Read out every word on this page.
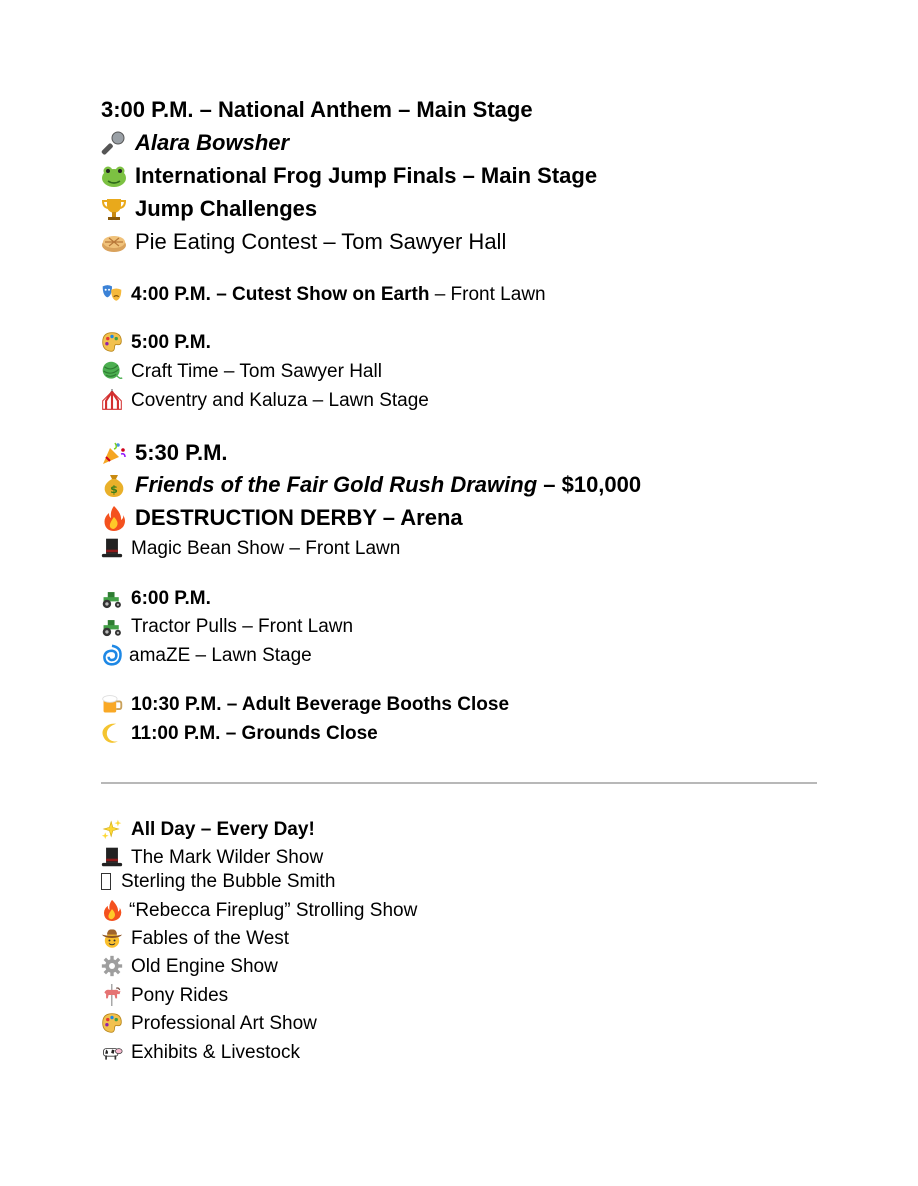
3:00 P.M. – National Anthem – Main Stage
Alara Bowsher
International Frog Jump Finals – Main Stage
Jump Challenges
Pie Eating Contest – Tom Sawyer Hall
4:00 P.M. – Cutest Show on Earth – Front Lawn
5:00 P.M.
Craft Time – Tom Sawyer Hall
Coventry and Kaluza – Lawn Stage
5:30 P.M.
$ Friends of the Fair Gold Rush Drawing – $10,000
DESTRUCTION DERBY – Arena
Magic Bean Show – Front Lawn
6:00 P.M.
Tractor Pulls – Front Lawn
amaZE – Lawn Stage
10:30 P.M. – Adult Beverage Booths Close
11:00 P.M. – Grounds Close
All Day – Every Day!
The Mark Wilder Show
Sterling the Bubble Smith
“Rebecca Fireplug” Strolling Show
Fables of the West
Old Engine Show
Pony Rides
Professional Art Show
Exhibits & Livestock
